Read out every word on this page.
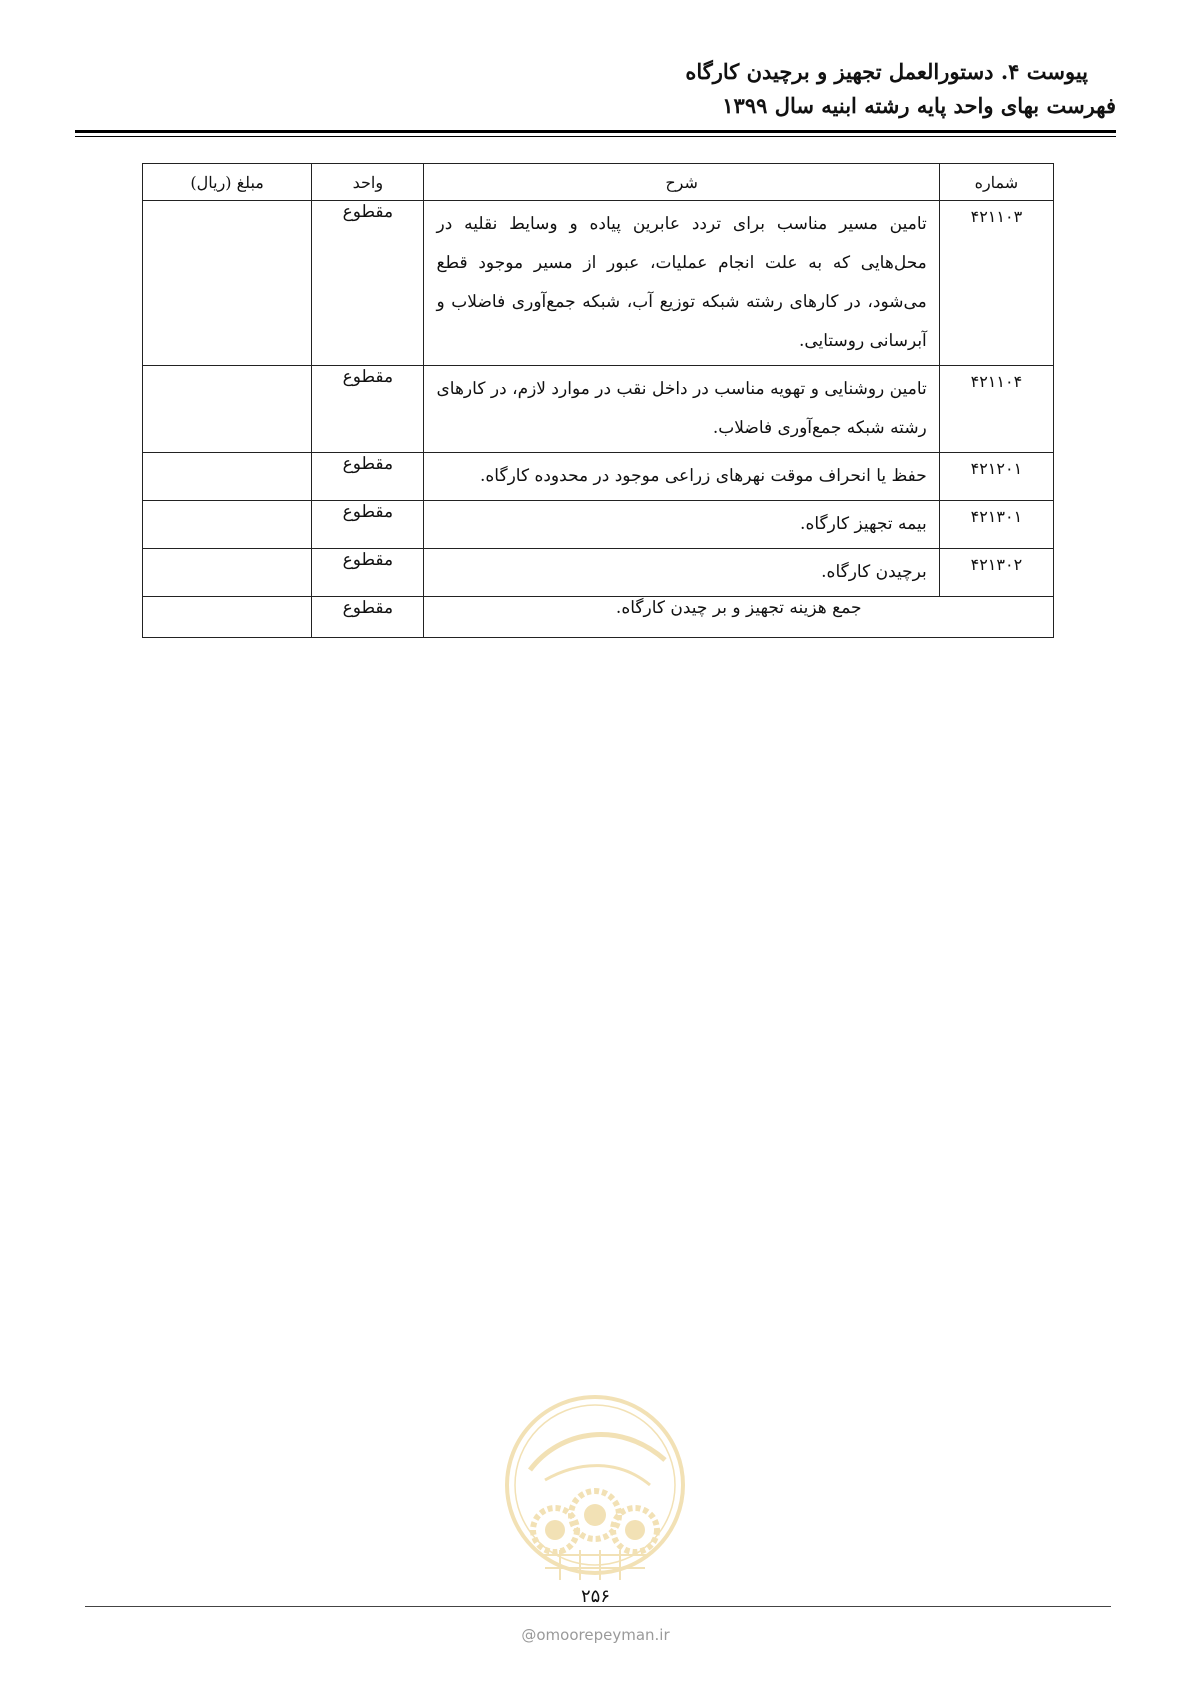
پیوست ۴. دستورالعمل تجهیز و برچیدن کارگاه
فهرست بهای واحد پایه رشته ابنیه سال ۱۳۹۹
شماره	شرح	واحد	مبلغ (ریال)
۴۲۱۱۰۳	تامین مسیر مناسب برای تردد عابرین پیاده و وسایط نقلیه در محل‌هایی که به علت انجام عملیات، عبور از مسیر موجود قطع می‌شود، در کارهای رشته شبکه توزیع آب، شبکه جمع‌آوری فاضلاب و آبرسانی روستایی.	مقطوع	
۴۲۱۱۰۴	تامین روشنایی و تهویه مناسب در داخل نقب در موارد لازم، در کارهای رشته شبکه جمع‌آوری فاضلاب.	مقطوع	
۴۲۱۲۰۱	حفظ یا انحراف موقت نهرهای زراعی موجود در محدوده کارگاه.	مقطوع	
۴۲۱۳۰۱	بیمه تجهیز کارگاه.	مقطوع	
۴۲۱۳۰۲	برچیدن کارگاه.	مقطوع	
جمع هزینه تجهیز و بر چیدن کارگاه.		مقطوع	
۲۵۶
@omoorepeyman.ir
